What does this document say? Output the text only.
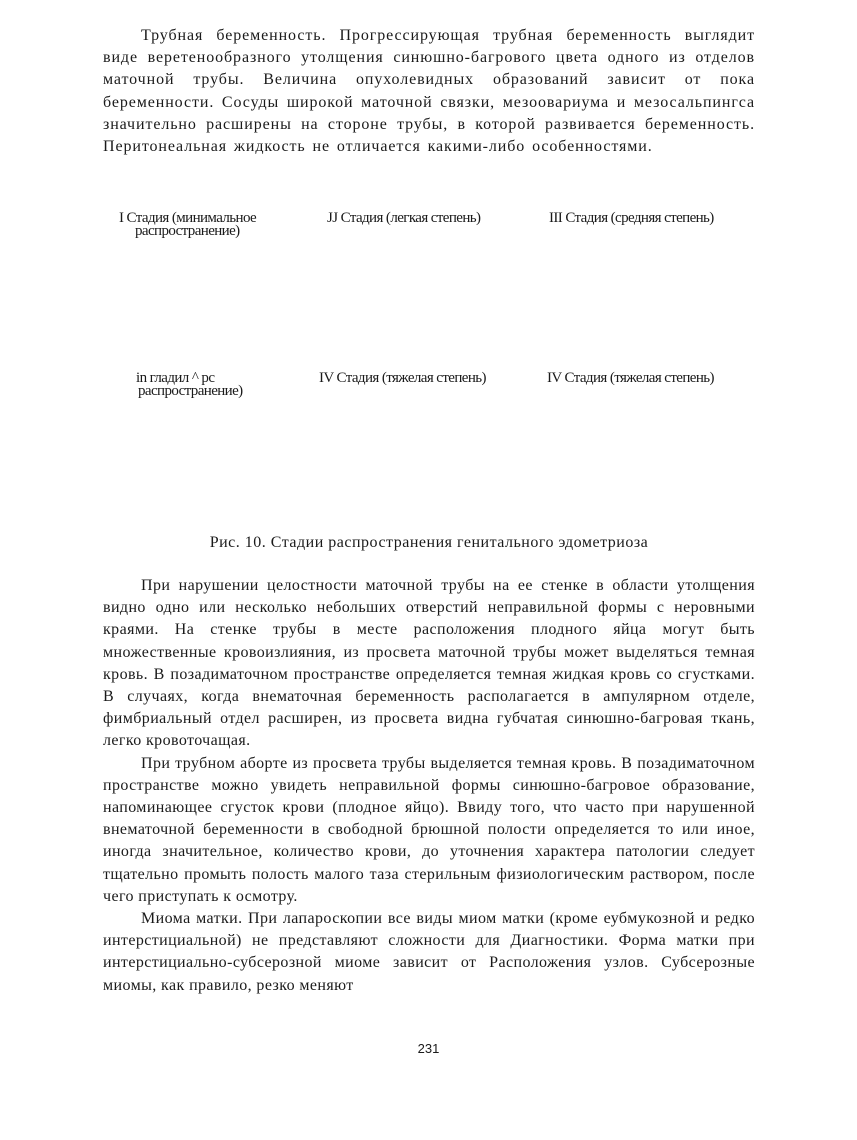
Трубная беременность. Прогрессирующая трубная беременность выглядит виде веретенообразного утолщения синюшно-багрового цвета одного из отделов маточной трубы. Величина опухолевидных образований зависит от пока беременности. Сосуды широкой маточной связки, мезоовариума и мезосальпингса значительно расширены на стороне трубы, в которой развивается беременность. Перитонеальная жидкость не отличается какими-либо особенностями.

I Стадия (минимальное
распространение)
JJ Стадия (легкая степень)	III Стадия (средняя степень)
in гладил ^ рс
распространение)
IV Стадия (тяжелая степень)	IV Стадия (тяжелая степень)
Рис. 10. Стадии распространения генитального эдометриоза

При нарушении целостности маточной трубы на ее стенке в области утолщения видно одно или несколько небольших отверстий неправильной формы с неровными краями. На стенке трубы в месте расположения плодного яйца могут быть множественные кровоизлияния, из просвета маточной трубы может выделяться темная кровь. В позадиматочном пространстве определяется темная жидкая кровь со сгустками. В случаях, когда внематочная беременность располагается в ампулярном отделе, фимбриальный отдел расширен, из просвета видна губчатая синюшно-багровая ткань, легко кровоточащая.

При трубном аборте из просвета трубы выделяется темная кровь. В позадиматочном пространстве можно увидеть неправильной формы синюшно-багровое образование, напоминающее сгусток крови (плодное яйцо). Ввиду того, что часто при нарушенной внематочной беременности в свободной брюшной полости определяется то или иное, иногда значительное, количество крови, до уточнения характера патологии следует тщательно промыть полость малого таза стерильным физиологическим раствором, после чего приступать к осмотру.

Миома матки. При лапароскопии все виды миом матки (кроме еубмукозной и редко интерстициальной) не представляют сложности для Диагностики. Форма матки при интерстициально-субсерозной миоме зависит от Расположения узлов. Субсерозные миомы, как правило, резко меняют

231
